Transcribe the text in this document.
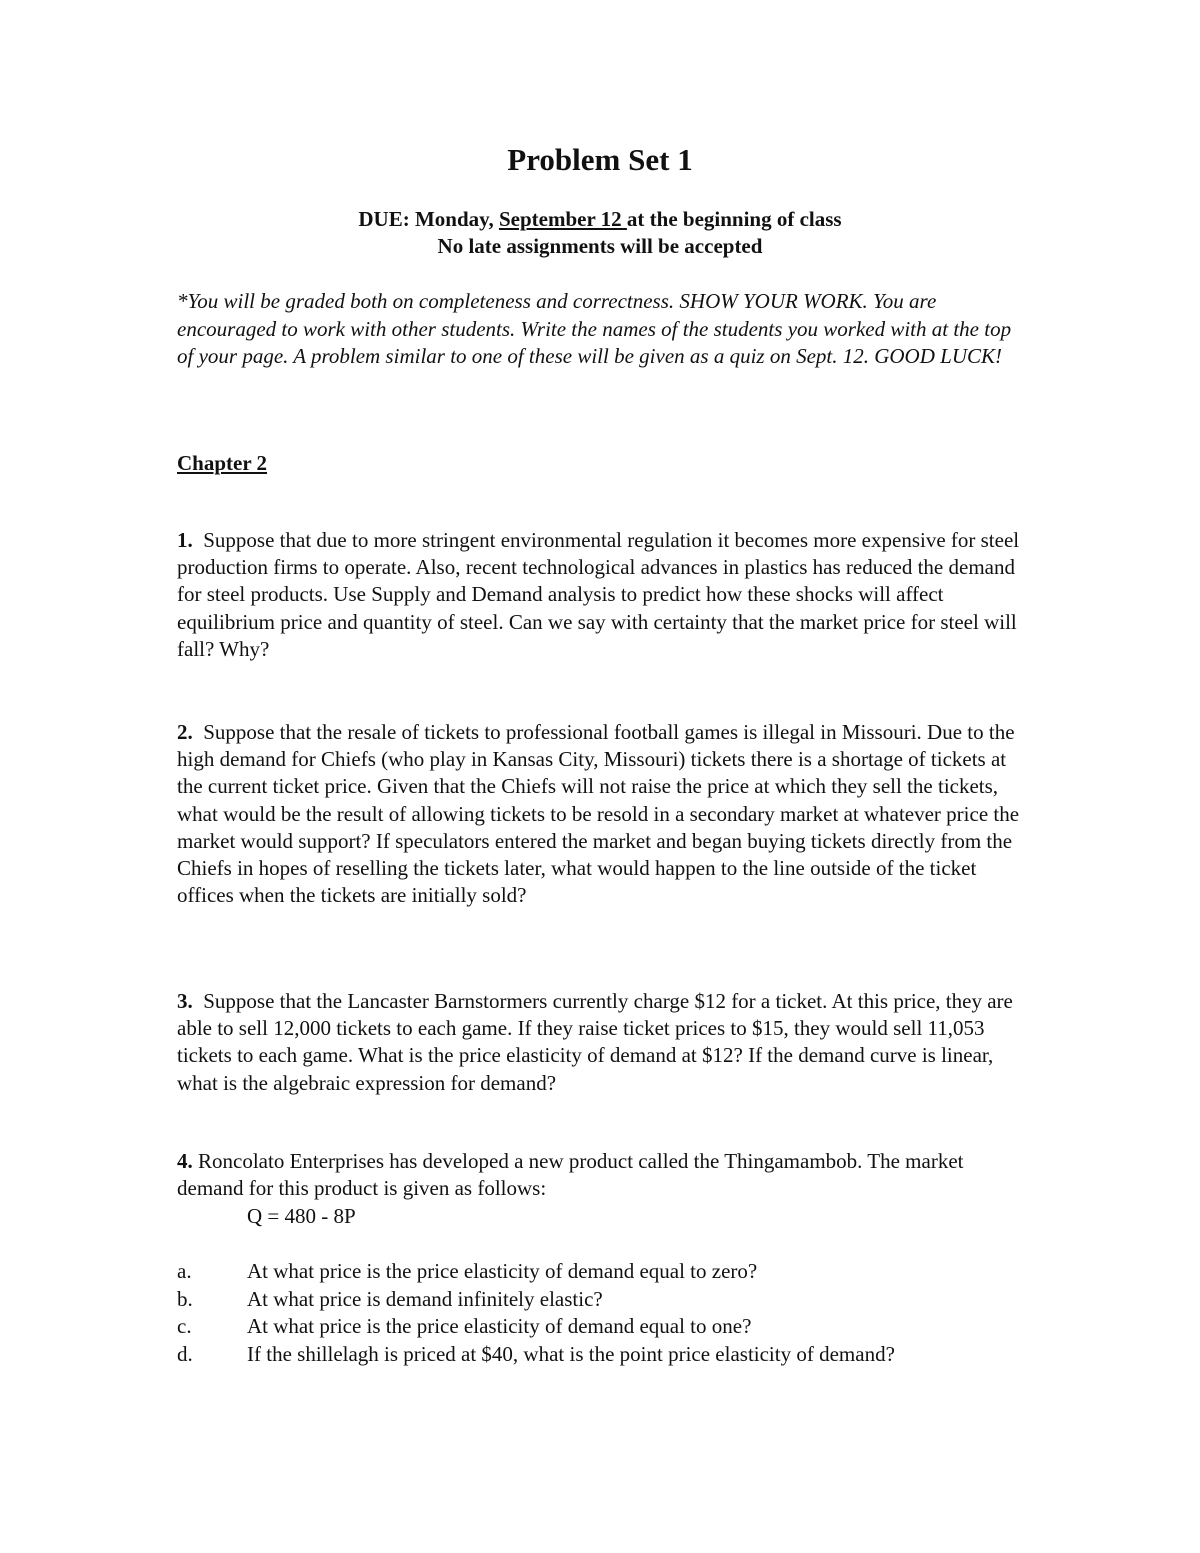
Problem Set 1
DUE: Monday, September 12 at the beginning of class
No late assignments will be accepted
*You will be graded both on completeness and correctness. SHOW YOUR WORK. You are encouraged to work with other students. Write the names of the students you worked with at the top of your page. A problem similar to one of these will be given as a quiz on Sept. 12. GOOD LUCK!
Chapter 2
1. Suppose that due to more stringent environmental regulation it becomes more expensive for steel production firms to operate. Also, recent technological advances in plastics has reduced the demand for steel products. Use Supply and Demand analysis to predict how these shocks will affect equilibrium price and quantity of steel. Can we say with certainty that the market price for steel will fall? Why?
2. Suppose that the resale of tickets to professional football games is illegal in Missouri. Due to the high demand for Chiefs (who play in Kansas City, Missouri) tickets there is a shortage of tickets at the current ticket price. Given that the Chiefs will not raise the price at which they sell the tickets, what would be the result of allowing tickets to be resold in a secondary market at whatever price the market would support? If speculators entered the market and began buying tickets directly from the Chiefs in hopes of reselling the tickets later, what would happen to the line outside of the ticket offices when the tickets are initially sold?
3. Suppose that the Lancaster Barnstormers currently charge $12 for a ticket. At this price, they are able to sell 12,000 tickets to each game. If they raise ticket prices to $15, they would sell 11,053 tickets to each game. What is the price elasticity of demand at $12? If the demand curve is linear, what is the algebraic expression for demand?
4. Roncolato Enterprises has developed a new product called the Thingamambob. The market demand for this product is given as follows:
Q = 480 - 8P
a.	At what price is the price elasticity of demand equal to zero?
b.	At what price is demand infinitely elastic?
c.	At what price is the price elasticity of demand equal to one?
d.	If the shillelagh is priced at $40, what is the point price elasticity of demand?
